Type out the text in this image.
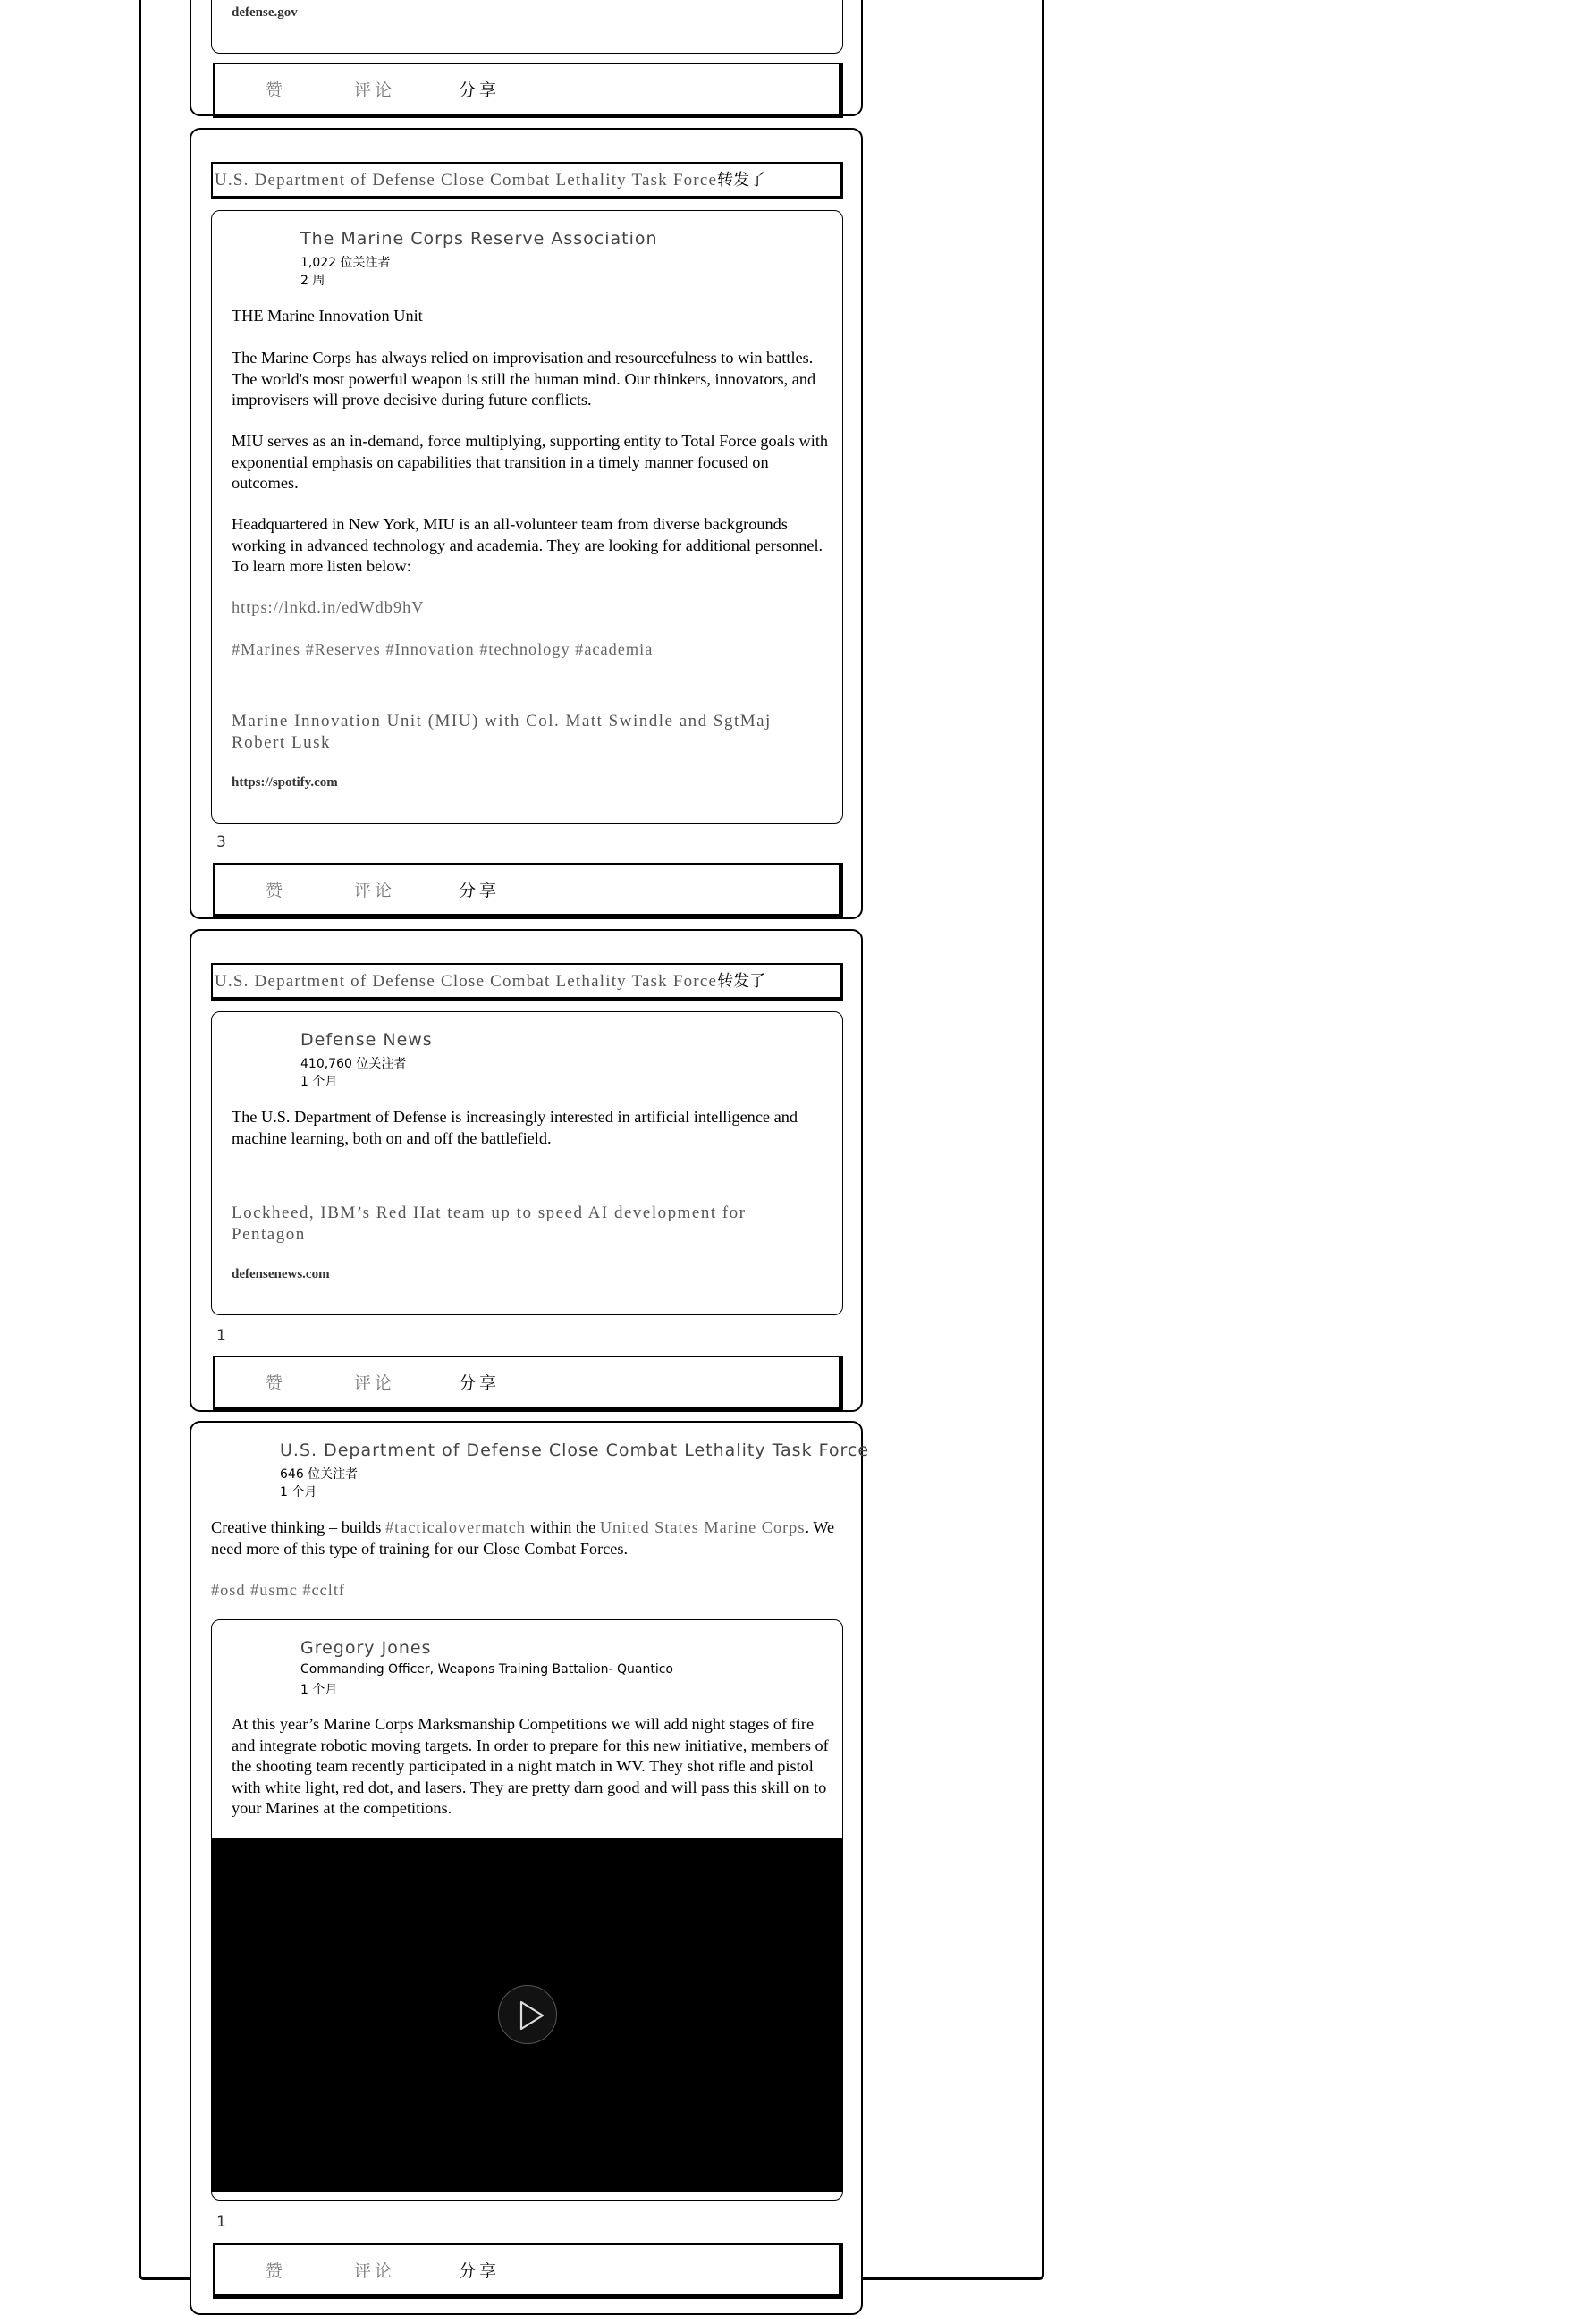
defense.gov
赞	评论	分享
U.S. Department of Defense Close Combat Lethality Task Force转发了
The Marine Corps Reserve Association
1,022 位关注者
2 周
THE Marine Innovation Unit
The Marine Corps has always relied on improvisation and resourcefulness to win battles. The world's most powerful weapon is still the human mind. Our thinkers, innovators, and improvisers will prove decisive during future conflicts.
MIU serves as an in-demand, force multiplying, supporting entity to Total Force goals with exponential emphasis on capabilities that transition in a timely manner focused on outcomes.
Headquartered in New York, MIU is an all-volunteer team from diverse backgrounds working in advanced technology and academia. They are looking for additional personnel. To learn more listen below:
https://lnkd.in/edWdb9hV
#Marines #Reserves #Innovation #technology #academia
Marine Innovation Unit (MIU) with Col. Matt Swindle and SgtMaj Robert Lusk
https://spotify.com
3
赞	评论	分享
U.S. Department of Defense Close Combat Lethality Task Force转发了
Defense News
410,760 位关注者
1 个月
The U.S. Department of Defense is increasingly interested in artificial intelligence and machine learning, both on and off the battlefield.
Lockheed, IBM’s Red Hat team up to speed AI development for Pentagon
defensenews.com
1
赞	评论	分享
U.S. Department of Defense Close Combat Lethality Task Force
646 位关注者
1 个月
Creative thinking – builds #tacticalovermatch within the United States Marine Corps. We need more of this type of training for our Close Combat Forces.
#osd #usmc #ccltf
Gregory Jones
Commanding Officer, Weapons Training Battalion- Quantico
1 个月
At this year’s Marine Corps Marksmanship Competitions we will add night stages of fire and integrate robotic moving targets. In order to prepare for this new initiative, members of the shooting team recently participated in a night match in WV. They shot rifle and pistol with white light, red dot, and lasers. They are pretty darn good and will pass this skill on to your Marines at the competitions.
1
赞	评论	分享
